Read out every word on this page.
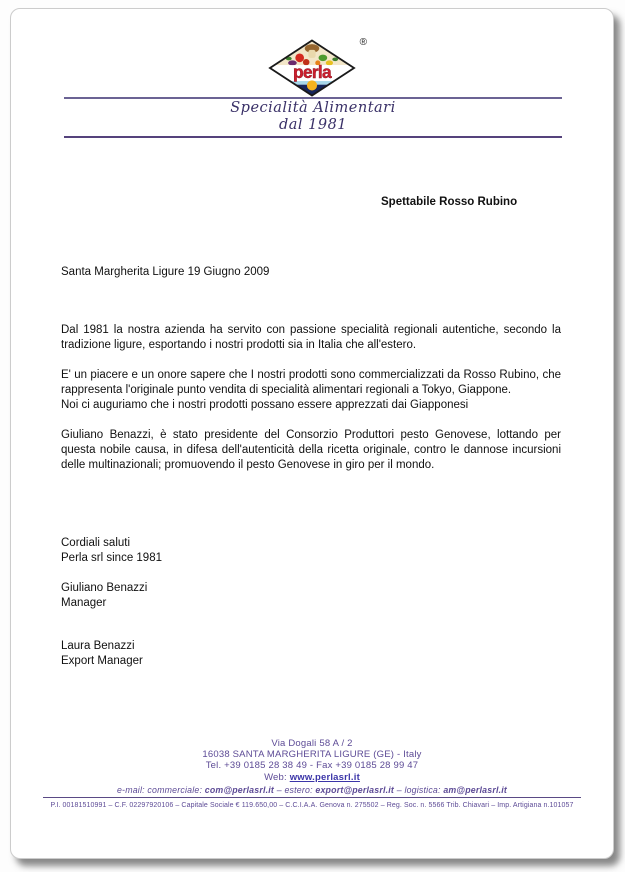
perla
®
Specialità Alimentari
dal 1981
Spettabile Rosso Rubino
Santa Margherita Ligure 19 Giugno 2009

Dal 1981 la nostra azienda ha servito con passione specialità regionali autentiche, secondo la tradizione ligure, esportando i nostri prodotti sia in Italia che all'estero.

E' un piacere e un onore sapere che I nostri prodotti sono commercializzati da Rosso Rubino, che rappresenta l'originale punto vendita di specialità alimentari regionali a Tokyo, Giappone.

Noi ci auguriamo che i nostri prodotti possano essere apprezzati dai Giapponesi

Giuliano Benazzi, è stato presidente del Consorzio Produttori pesto Genovese, lottando per questa nobile causa, in difesa dell'autenticità della ricetta originale, contro le dannose incursioni delle multinazionali; promuovendo il pesto Genovese in giro per il mondo.

Cordiali saluti
Perla srl since 1981
Giuliano Benazzi
Manager
Laura Benazzi
Export Manager
Via Dogali 58 A / 2
16038 SANTA MARGHERITA LIGURE (GE) - Italy
Tel. +39 0185 28 38 49 - Fax +39 0185 28 99 47
Web: www.perlasrl.it
e-mail: commerciale: com@perlasrl.it – estero: export@perlasrl.it – logistica: am@perlasrl.it
P.I. 00181510991 – C.F. 02297920106 – Capitale Sociale € 119.650,00 – C.C.I.A.A. Genova n. 275502 – Reg. Soc. n. 5566 Trib. Chiavari – Imp. Artigiana n.101057
